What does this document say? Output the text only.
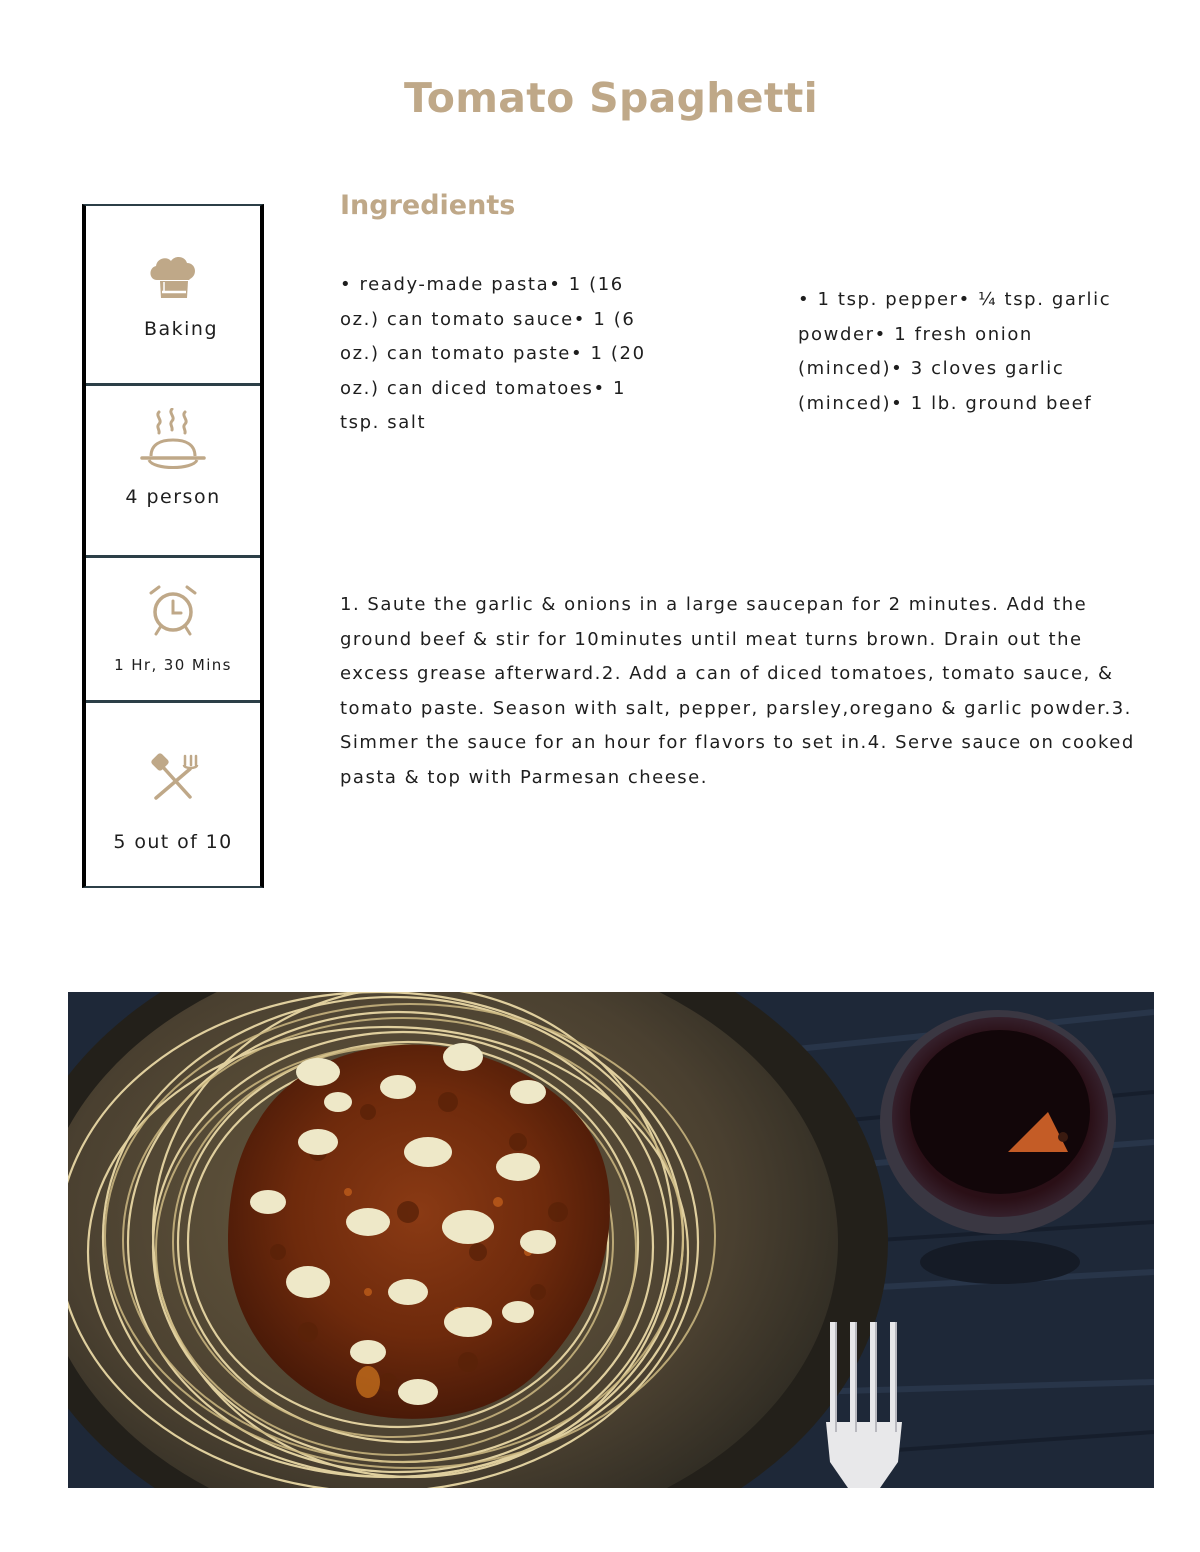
Tomato Spaghetti
Baking
4 person
1 Hr, 30 Mins
5 out of 10
Ingredients

• ready-made pasta• 1 (16 oz.) can tomato sauce• 1 (6 oz.) can tomato paste• 1 (20 oz.) can diced tomatoes• 1 tsp. salt

• 1 tsp. pepper• ¼ tsp. garlic powder• 1 fresh onion (minced)• 3 cloves garlic (minced)• 1 lb. ground beef

1. Saute the garlic & onions in a large saucepan for 2 minutes. Add the ground beef & stir for 10minutes until meat turns brown. Drain out the excess grease afterward.2. Add a can of diced tomatoes, tomato sauce, & tomato paste. Season with salt, pepper, parsley,oregano & garlic powder.3. Simmer the sauce for an hour for flavors to set in.4. Serve sauce on cooked pasta & top with Parmesan cheese.
